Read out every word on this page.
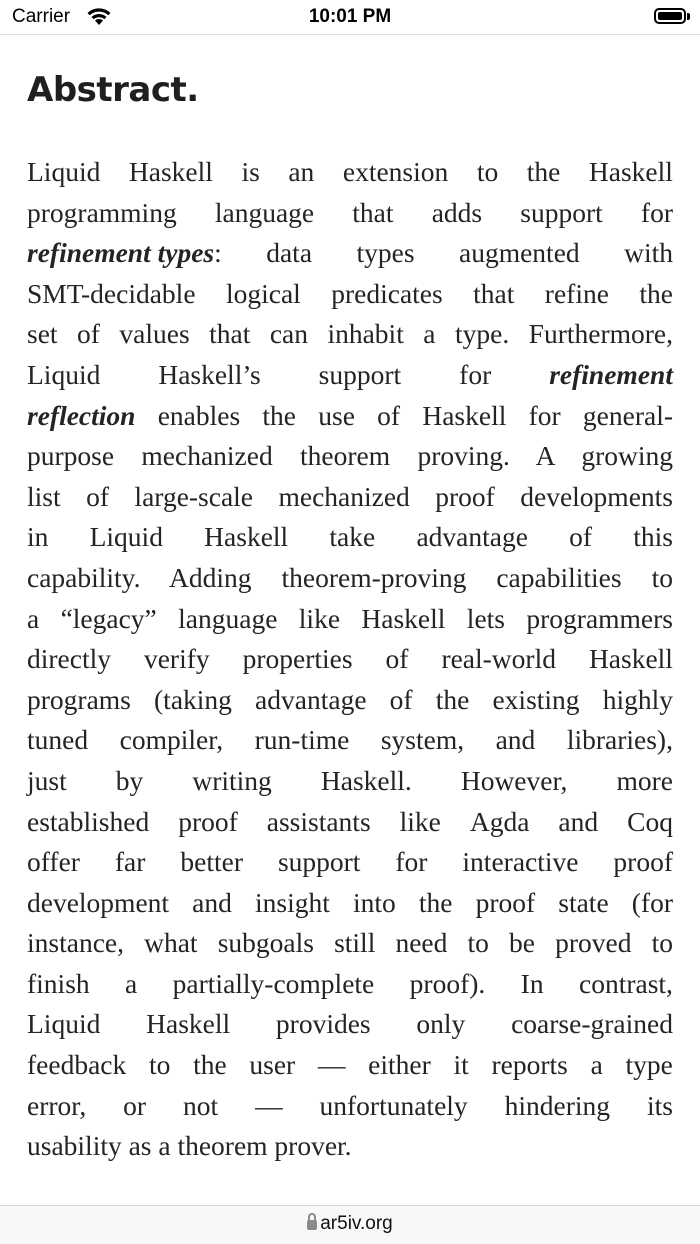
Carrier	10:01 PM
Abstract.
Liquid Haskell is an extension to the Haskell
programming language that adds support for
refinement types: data types augmented with
SMT-decidable logical predicates that refine the
set of values that can inhabit a type. Furthermore,
Liquid Haskell’s support for refinement
reflection enables the use of Haskell for general-
purpose mechanized theorem proving. A growing
list of large-scale mechanized proof developments
in Liquid Haskell take advantage of this
capability. Adding theorem-proving capabilities to
a “legacy” language like Haskell lets programmers
directly verify properties of real-world Haskell
programs (taking advantage of the existing highly
tuned compiler, run-time system, and libraries),
just by writing Haskell. However, more
established proof assistants like Agda and Coq
offer far better support for interactive proof
development and insight into the proof state (for
instance, what subgoals still need to be proved to
finish a partially-complete proof). In contrast,
Liquid Haskell provides only coarse-grained
feedback to the user — either it reports a type
error, or not — unfortunately hindering its
usability as a theorem prover.
ar5iv.org
